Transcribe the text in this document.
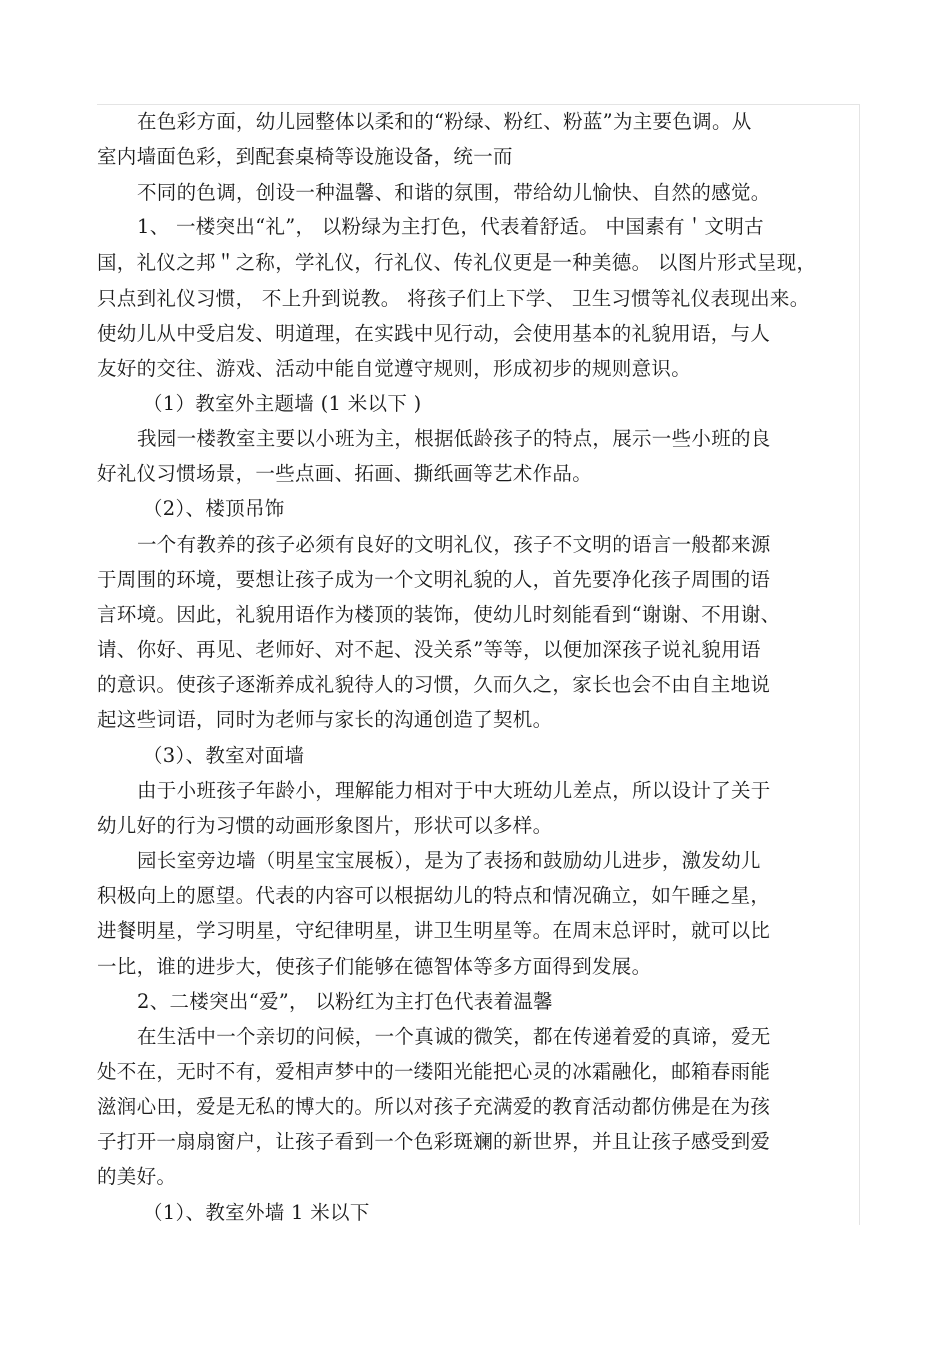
在色彩方面，幼儿园整体以柔和的“粉绿、粉红、粉蓝”为主要色调。从
室内墙面色彩，到配套桌椅等设施设备，统一而
不同的色调，创设一种温馨、和谐的氛围，带给幼儿愉快、自然的感觉。
1、 一楼突出“礼”， 以粉绿为主打色，代表着舒适。 中国素有＇文明古
国，礼仪之邦＂之称，学礼仪，行礼仪、传礼仪更是一种美德。 以图片形式呈现，
只点到礼仪习惯， 不上升到说教。 将孩子们上下学、 卫生习惯等礼仪表现出来。
使幼儿从中受启发、明道理，在实践中见行动，会使用基本的礼貌用语，与人
友好的交往、游戏、活动中能自觉遵守规则，形成初步的规则意识。
（1）教室外主题墙 (1 米以下 )
我园一楼教室主要以小班为主，根据低龄孩子的特点，展示一些小班的良
好礼仪习惯场景，一些点画、拓画、撕纸画等艺术作品。
（2）、楼顶吊饰
一个有教养的孩子必须有良好的文明礼仪，孩子不文明的语言一般都来源
于周围的环境，要想让孩子成为一个文明礼貌的人，首先要净化孩子周围的语
言环境。因此，礼貌用语作为楼顶的装饰，使幼儿时刻能看到“谢谢、不用谢、
请、你好、再见、老师好、对不起、没关系”等等，以便加深孩子说礼貌用语
的意识。使孩子逐渐养成礼貌待人的习惯，久而久之，家长也会不由自主地说
起这些词语，同时为老师与家长的沟通创造了契机。
（3）、教室对面墙
由于小班孩子年龄小，理解能力相对于中大班幼儿差点，所以设计了关于
幼儿好的行为习惯的动画形象图片，形状可以多样。
园长室旁边墙（明星宝宝展板），是为了表扬和鼓励幼儿进步，激发幼儿
积极向上的愿望。代表的内容可以根据幼儿的特点和情况确立，如午睡之星，
进餐明星，学习明星，守纪律明星，讲卫生明星等。在周末总评时，就可以比
一比，谁的进步大，使孩子们能够在德智体等多方面得到发展。
2、二楼突出“爱”， 以粉红为主打色代表着温馨
在生活中一个亲切的问候，一个真诚的微笑，都在传递着爱的真谛，爱无
处不在，无时不有，爱相声梦中的一缕阳光能把心灵的冰霜融化，邮箱春雨能
滋润心田，爱是无私的博大的。所以对孩子充满爱的教育活动都仿佛是在为孩
子打开一扇扇窗户，让孩子看到一个色彩斑斓的新世界，并且让孩子感受到爱
的美好。
（1）、教室外墙 1 米以下
